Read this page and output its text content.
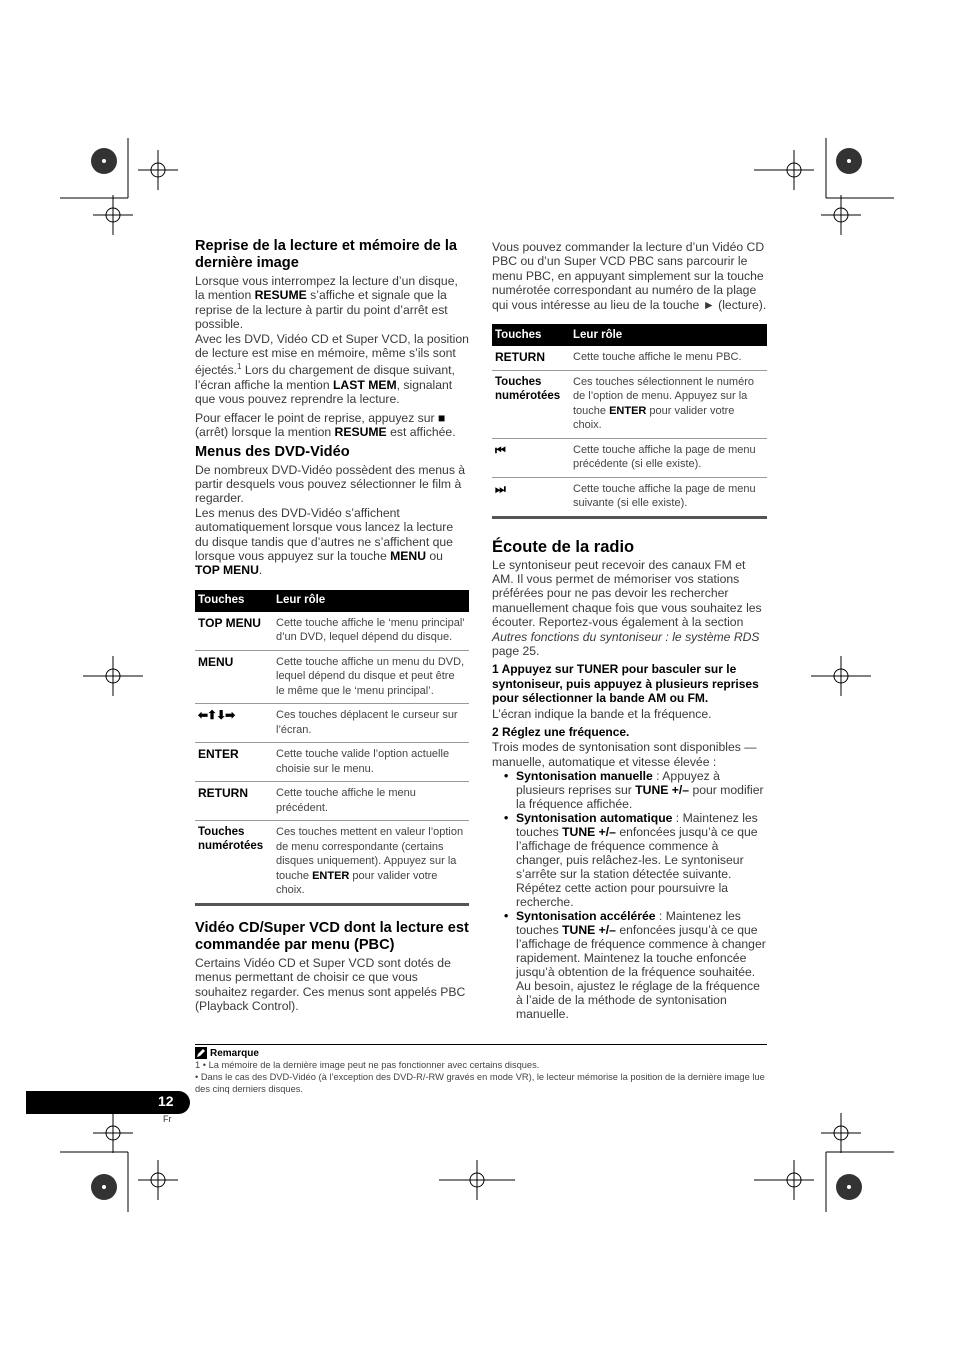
Reprise de la lecture et mémoire de la dernière image

Lorsque vous interrompez la lecture d’un disque, la mention RESUME s’affiche et signale que la reprise de la lecture à partir du point d’arrêt est possible.

Avec les DVD, Vidéo CD et Super VCD, la position de lecture est mise en mémoire, même s’ils sont éjectés.$^1$ Lors du chargement de disque suivant, l’écran affiche la mention LAST MEM, signalant que vous pouvez reprendre la lecture.

Pour effacer le point de reprise, appuyez sur ■ (arrêt) lorsque la mention RESUME est affichée.

Menus des DVD-Vidéo

De nombreux DVD-Vidéo possèdent des menus à partir desquels vous pouvez sélectionner le film à regarder.

Les menus des DVD-Vidéo s’affichent automatiquement lorsque vous lancez la lecture du disque tandis que d’autres ne s’affichent que lorsque vous appuyez sur la touche MENU ou TOP MENU.

Touches	Leur rôle
TOP MENU	Cette touche affiche le ‘menu principal’ d’un DVD, lequel dépend du disque.
MENU	Cette touche affiche un menu du DVD, lequel dépend du disque et peut être le même que le ‘menu principal’.
⬅⬆⬇➡	Ces touches déplacent le curseur sur l’écran.
ENTER	Cette touche valide l’option actuelle choisie sur le menu.
RETURN	Cette touche affiche le menu précédent.
Touches numérotées	Ces touches mettent en valeur l’option de menu correspondante (certains disques uniquement). Appuyez sur la touche ENTER pour valider votre choix.
Vidéo CD/Super VCD dont la lecture est commandée par menu (PBC)

Certains Vidéo CD et Super VCD sont dotés de menus permettant de choisir ce que vous souhaitez regarder. Ces menus sont appelés PBC (Playback Control).

Vous pouvez commander la lecture d’un Vidéo CD PBC ou d’un Super VCD PBC sans parcourir le menu PBC, en appuyant simplement sur la touche numérotée correspondant au numéro de la plage qui vous intéresse au lieu de la touche ► (lecture).

Touches	Leur rôle
RETURN	Cette touche affiche le menu PBC.
Touches numérotées	Ces touches sélectionnent le numéro de l’option de menu. Appuyez sur la touche ENTER pour valider votre choix.
⏮	Cette touche affiche la page de menu précédente (si elle existe).
⏭	Cette touche affiche la page de menu suivante (si elle existe).
Écoute de la radio

Le syntoniseur peut recevoir des canaux FM et AM. Il vous permet de mémoriser vos stations préférées pour ne pas devoir les rechercher manuellement chaque fois que vous souhaitez les écouter. Reportez-vous également à la section Autres fonctions du syntoniseur : le système RDS page 25.

1 Appuyez sur TUNER pour basculer sur le syntoniseur, puis appuyez à plusieurs reprises pour sélectionner la bande AM ou FM.

L’écran indique la bande et la fréquence.

2 Réglez une fréquence.

Trois modes de syntonisation sont disponibles — manuelle, automatique et vitesse élevée :

• Syntonisation manuelle : Appuyez à plusieurs reprises sur TUNE +/– pour modifier la fréquence affichée.
• Syntonisation automatique : Maintenez les touches TUNE +/– enfoncées jusqu’à ce que l’affichage de fréquence commence à changer, puis relâchez-les. Le syntoniseur s’arrête sur la station détectée suivante. Répétez cette action pour poursuivre la recherche.
• Syntonisation accélérée : Maintenez les touches TUNE +/– enfoncées jusqu’à ce que l’affichage de fréquence commence à changer rapidement. Maintenez la touche enfoncée jusqu’à obtention de la fréquence souhaitée. Au besoin, ajustez le réglage de la fréquence à l’aide de la méthode de syntonisation manuelle.
Remarque
1 • La mémoire de la dernière image peut ne pas fonctionner avec certains disques.
• Dans le cas des DVD-Vidéo (à l’exception des DVD-R/-RW gravés en mode VR), le lecteur mémorise la position de la dernière image lue des cinq derniers disques.
12
Fr
